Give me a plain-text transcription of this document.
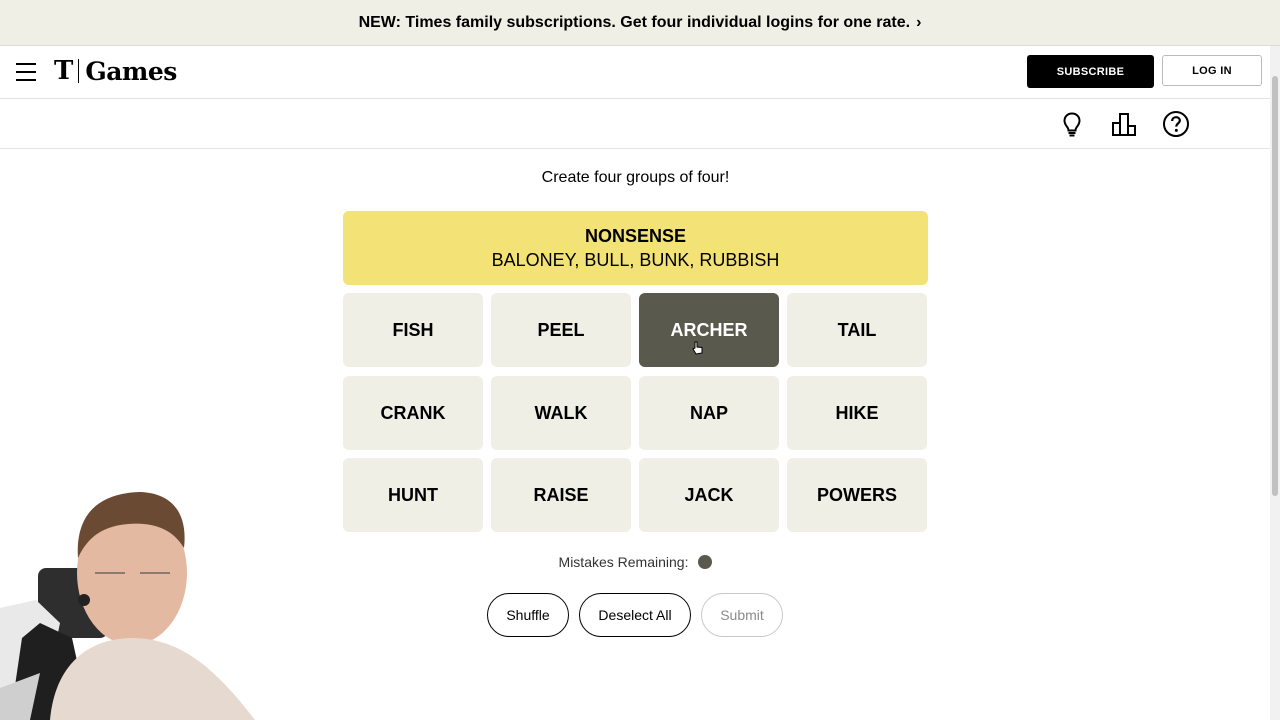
NEW: Times family subscriptions. Get four individual logins for one rate. ›
T Games	SUBSCRIBE	LOG IN
Create four groups of four!
NONSENSE
BALONEY, BULL, BUNK, RUBBISH
FISH	PEEL	ARCHER	TAIL
CRANK	WALK	NAP	HIKE
HUNT	RAISE	JACK	POWERS
Mistakes Remaining:
Shuffle	Deselect All	Submit
